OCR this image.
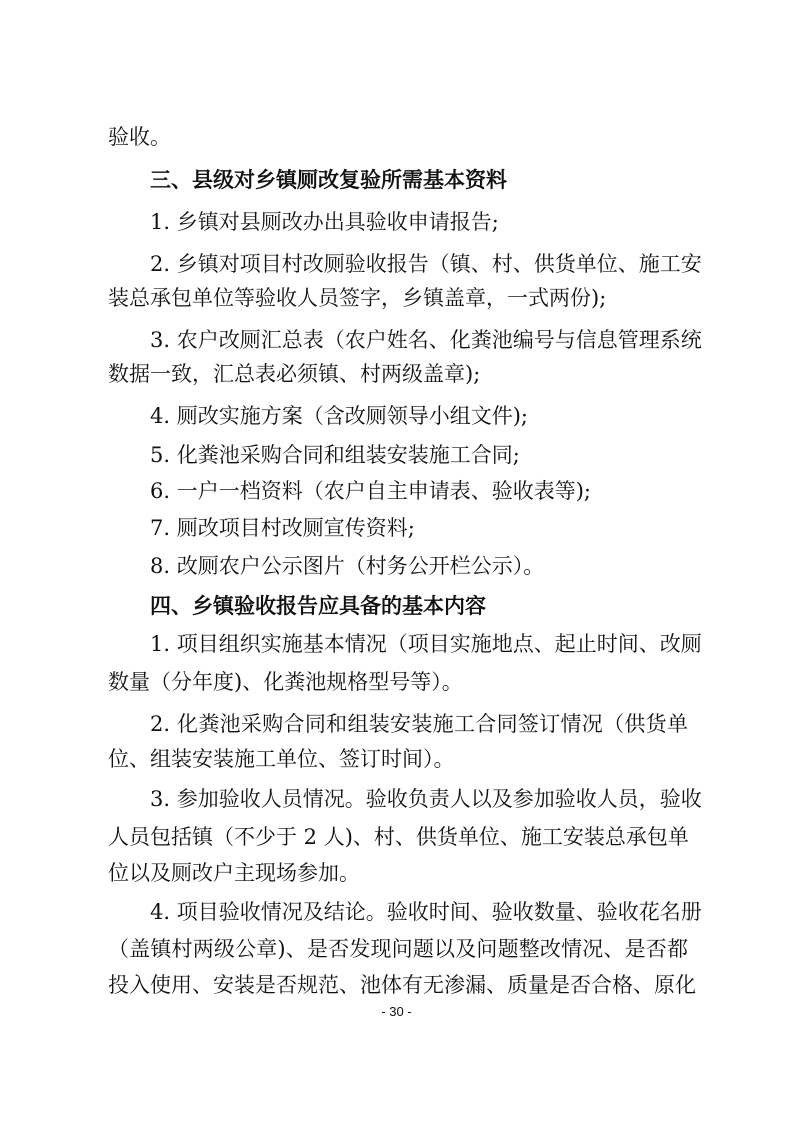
验收。
三、县级对乡镇厕改复验所需基本资料
1. 乡镇对县厕改办出具验收申请报告;
2. 乡镇对项目村改厕验收报告（镇、村、供货单位、施工安
装总承包单位等验收人员签字，乡镇盖章，一式两份);
3. 农户改厕汇总表（农户姓名、化粪池编号与信息管理系统
数据一致，汇总表必须镇、村两级盖章);
4. 厕改实施方案（含改厕领导小组文件);
5. 化粪池采购合同和组装安装施工合同;
6. 一户一档资料（农户自主申请表、验收表等);
7. 厕改项目村改厕宣传资料;
8. 改厕农户公示图片（村务公开栏公示）。
四、乡镇验收报告应具备的基本内容
1. 项目组织实施基本情况（项目实施地点、起止时间、改厕
数量（分年度)、化粪池规格型号等）。
2. 化粪池采购合同和组装安装施工合同签订情况（供货单
位、组装安装施工单位、签订时间）。
3. 参加验收人员情况。验收负责人以及参加验收人员，验收
人员包括镇（不少于 2 人)、村、供货单位、施工安装总承包单
位以及厕改户主现场参加。
4. 项目验收情况及结论。验收时间、验收数量、验收花名册
（盖镇村两级公章)、是否发现问题以及问题整改情况、是否都
投入使用、安装是否规范、池体有无渗漏、质量是否合格、原化
- 30 -
